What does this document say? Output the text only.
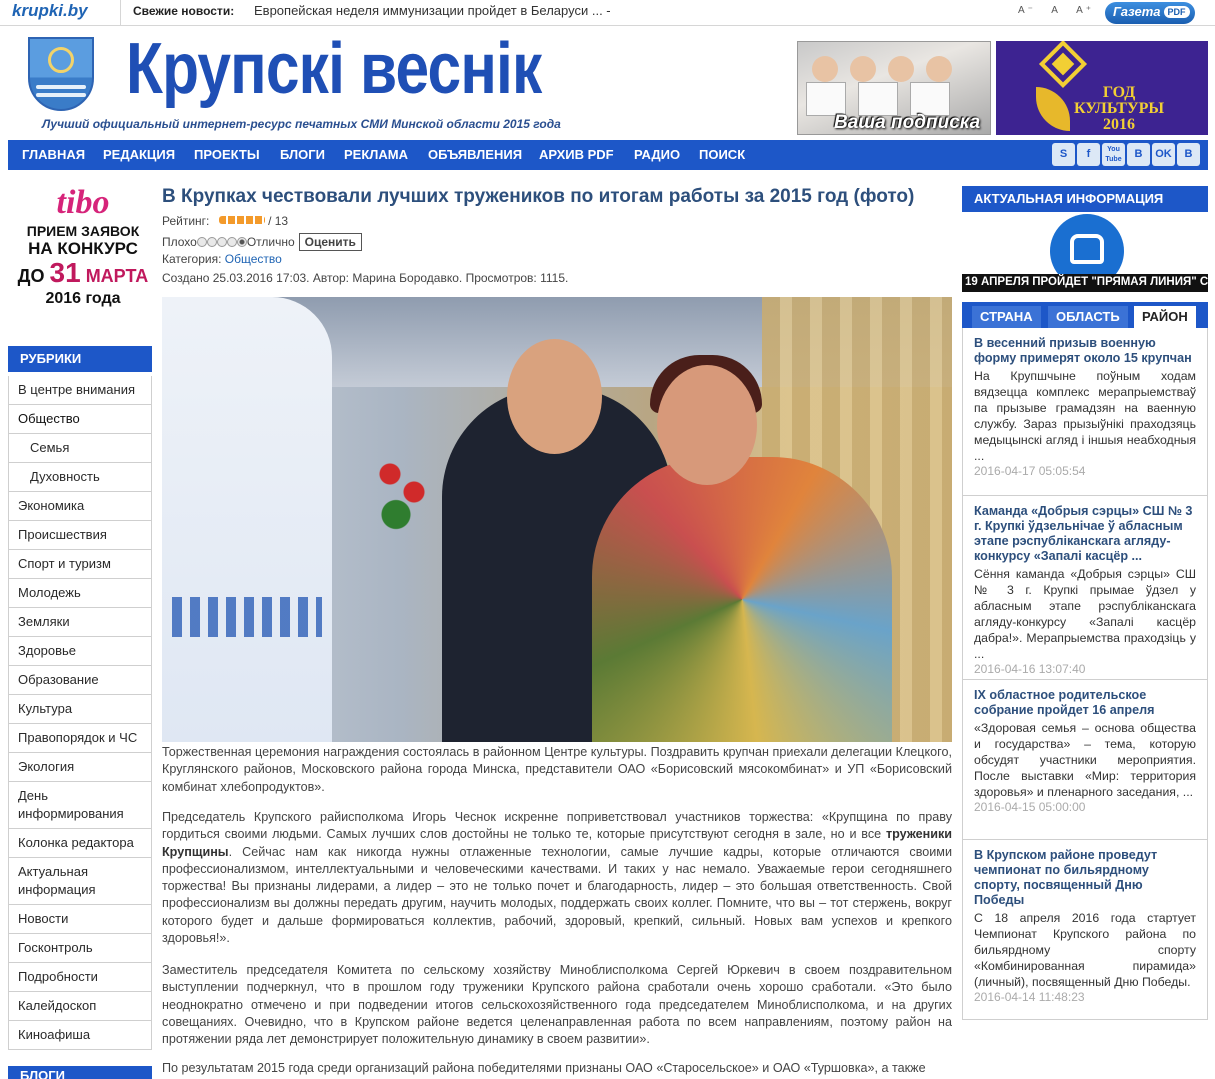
krupki.by	Свежие новости: Европейская неделя иммунизации пройдет в Беларуси ... -	A⁻ A A⁺	Газета PDF
Крупскі веснік
Лучший официальный интернет-ресурс печатных СМИ Минской области 2015 года	Ваша подписка
ГОД
КУЛЬТУРЫ
2016
ГЛАВНАЯ РЕДАКЦИЯ ПРОЕКТЫ БЛОГИ РЕКЛАМА ОБЪЯВЛЕНИЯ АРХИВ PDF РАДИО ПОИСК	S	f	You Tube	B	OK	B
tibo
ПРИЕМ ЗАЯВОК
НА КОНКУРС
ДО 31 МАРТА
2016 года
РУБРИКИ
В центре внимания
Общество
Семья
Духовность
Экономика
Происшествия
Спорт и туризм
Молодежь
Земляки
Здоровье
Образование
Культура
Правопорядок и ЧС
Экология
День информирования
Колонка редактора
Актуальная информация
Новости
Госконтроль
Подробности
Калейдоскоп
Киноафиша
БЛОГИ
В Крупках чествовали лучших тружеников по итогам работы за 2015 год (фото)
Рейтинг:	/ 13
Плохо	Отлично Оценить
Категория: Общество
Создано 25.03.2016 17:03. Автор: Марина Бородавко. Просмотров: 1115.
Торжественная церемония награждения состоялась в районном Центре культуры. Поздравить крупчан приехали делегации Клецкого, Круглянского районов, Московского района города Минска, представители ОАО «Борисовский мясокомбинат» и УП «Борисовский комбинат хлебопродуктов».
Председатель Крупского райисполкома Игорь Чеснок искренне поприветствовал участников торжества: «Крупщина по праву гордиться своими людьми. Самых лучших слов достойны не только те, которые присутствуют сегодня в зале, но и все труженики Крупщины. Сейчас нам как никогда нужны отлаженные технологии, самые лучшие кадры, которые отличаются своими профессионализмом, интеллектуальными и человеческими качествами. И таких у нас немало. Уважаемые герои сегодняшнего торжества! Вы признаны лидерами, а лидер – это не только почет и благодарность, лидер – это большая ответственность. Свой профессионализм вы должны передать другим, научить молодых, поддержать своих коллег. Помните, что вы – тот стержень, вокруг которого будет и дальше формироваться коллектив, рабочий, здоровый, крепкий, сильный. Новых вам успехов и крепкого здоровья!».
Заместитель председателя Комитета по сельскому хозяйству Миноблисполкома Сергей Юркевич в своем поздравительном выступлении подчеркнул, что в прошлом году труженики Крупского района сработали очень хорошо сработали. «Это было неоднократно отмечено и при подведении итогов сельскохозяйственного года председателем Миноблисполкома, и на других совещаниях. Очевидно, что в Крупском районе ведется целенаправленная работа по всем направлениям, поэтому район на протяжении ряда лет демонстрирует положительную динамику в своем развитии».
По результатам 2015 года среди организаций района победителями признаны ОАО «Старосельское» и ОАО «Туршовка», а также
АКТУАЛЬНАЯ ИНФОРМАЦИЯ
19 АПРЕЛЯ ПРОЙДЕТ "ПРЯМАЯ ЛИНИЯ" С
СТРАНА	ОБЛАСТЬ	РАЙОН
В весенний призыв военную форму примерят около 15 крупчан
На Крупшчыне поўным ходам вядзецца комплекс мерапрыемстваў па прызыве грамадзян на ваенную службу. Зараз прызыўнікі праходзяць медыцынскі агляд і іншыя неабходныя ...
2016-04-17 05:05:54
Каманда «Добрыя сэрцы» СШ № 3 г. Крупкі ўдзельнічае ў абласным этапе рэспубліканскага агляду-конкурсу «Запалі касцёр ...
Сёння каманда «Добрыя сэрцы» СШ № 3 г. Крупкі прымае ўдзел у абласным этапе рэспубліканскага агляду-конкурсу «Запалі касцёр дабра!». Мерапрыемства праходзіць у ...
2016-04-16 13:07:40
IX областное родительское собрание пройдет 16 апреля
«Здоровая семья – основа общества и государства» – тема, которую обсудят участники мероприятия. После выставки «Мир: территория здоровья» и пленарного заседания, ...
2016-04-15 05:00:00
В Крупском районе проведут чемпионат по бильярдному спорту, посвященный Дню Победы
С 18 апреля 2016 года стартует Чемпионат Крупского района по бильярдному спорту «Комбинированная пирамида» (личный), посвященный Дню Победы.
2016-04-14 11:48:23
